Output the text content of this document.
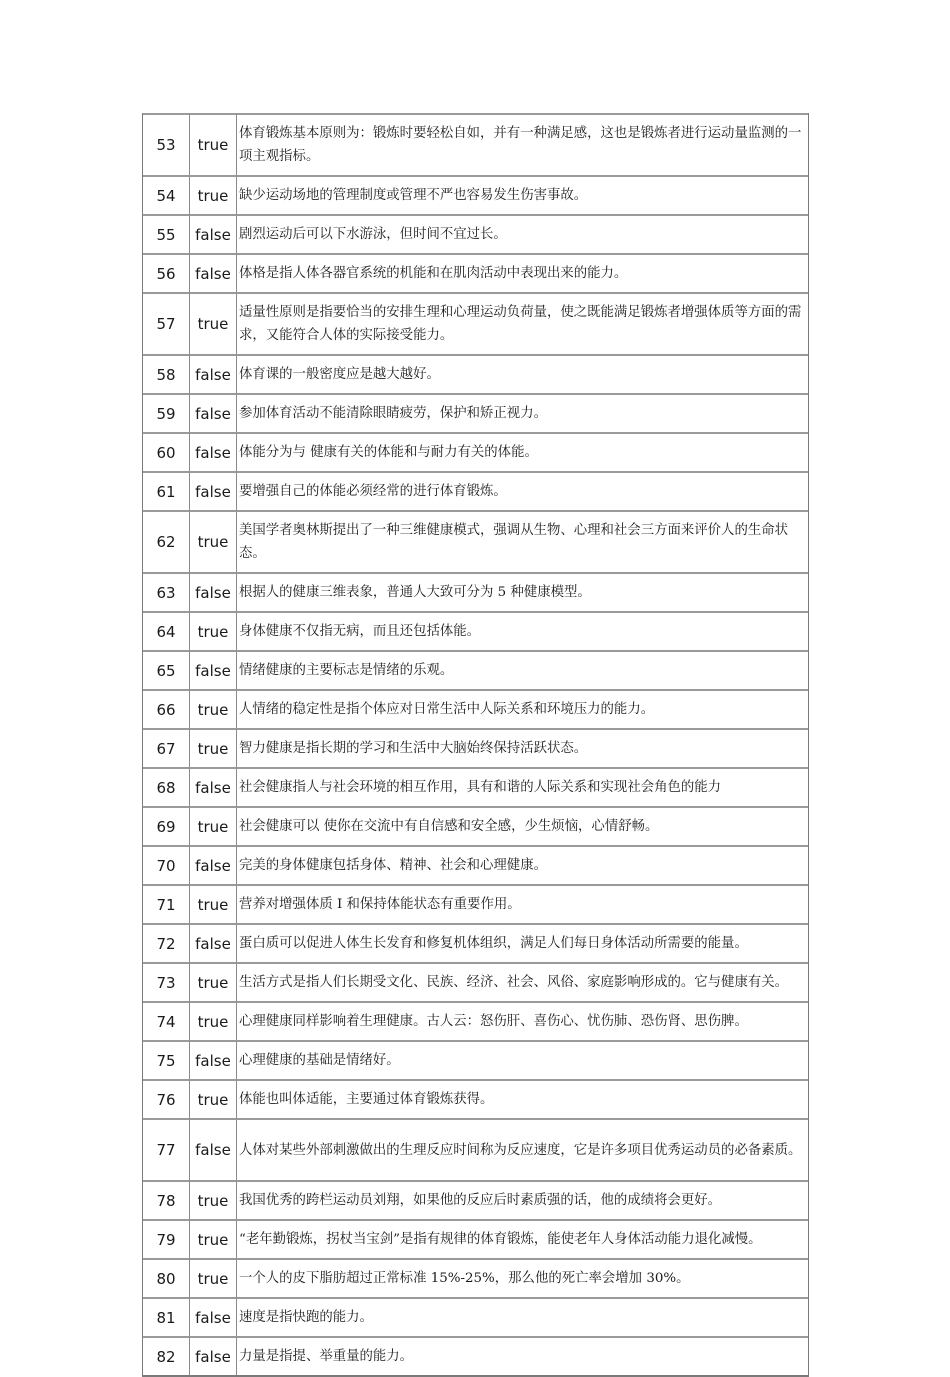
53	true	体育锻炼基本原则为：锻炼时要轻松自如，并有一种满足感，这也是锻炼者进行运动量监测的一项主观指标。
54	true	缺少运动场地的管理制度或管理不严也容易发生伤害事故。
55	false	剧烈运动后可以下水游泳，但时间不宜过长。
56	false	体格是指人体各器官系统的机能和在肌肉活动中表现出来的能力。
57	true	适量性原则是指要恰当的安排生理和心理运动负荷量，使之既能满足锻炼者增强体质等方面的需求，又能符合人体的实际接受能力。
58	false	体育课的一般密度应是越大越好。
59	false	参加体育活动不能清除眼睛疲劳，保护和矫正视力。
60	false	体能分为与 健康有关的体能和与耐力有关的体能。
61	false	要增强自己的体能必须经常的进行体育锻炼。
62	true	美国学者奥林斯提出了一种三维健康模式，强调从生物、心理和社会三方面来评价人的生命状态。
63	false	根据人的健康三维表象，普通人大致可分为 5 种健康模型。
64	true	身体健康不仅指无病，而且还包括体能。
65	false	情绪健康的主要标志是情绪的乐观。
66	true	人情绪的稳定性是指个体应对日常生活中人际关系和环境压力的能力。
67	true	智力健康是指长期的学习和生活中大脑始终保持活跃状态。
68	false	社会健康指人与社会环境的相互作用，具有和谐的人际关系和实现社会角色的能力
69	true	社会健康可以 使你在交流中有自信感和安全感，少生烦恼，心情舒畅。
70	false	完美的身体健康包括身体、精神、社会和心理健康。
71	true	营养对增强体质 I 和保持体能状态有重要作用。
72	false	蛋白质可以促进人体生长发育和修复机体组织，满足人们每日身体活动所需要的能量。
73	true	生活方式是指人们长期受文化、民族、经济、社会、风俗、家庭影响形成的。它与健康有关。
74	true	心理健康同样影响着生理健康。古人云：怒伤肝、喜伤心、忧伤肺、恐伤肾、思伤脾。
75	false	心理健康的基础是情绪好。
76	true	体能也叫体适能，主要通过体育锻炼获得。
77	false	人体对某些外部刺激做出的生理反应时间称为反应速度，它是许多项目优秀运动员的必备素质。
78	true	我国优秀的跨栏运动员刘翔，如果他的反应后时素质强的话，他的成绩将会更好。
79	true	“老年勤锻炼，拐杖当宝剑”是指有规律的体育锻炼，能使老年人身体活动能力退化减慢。
80	true	一个人的皮下脂肪超过正常标准 15%-25%，那么他的死亡率会增加 30%。
81	false	速度是指快跑的能力。
82	false	力量是指提、举重量的能力。
